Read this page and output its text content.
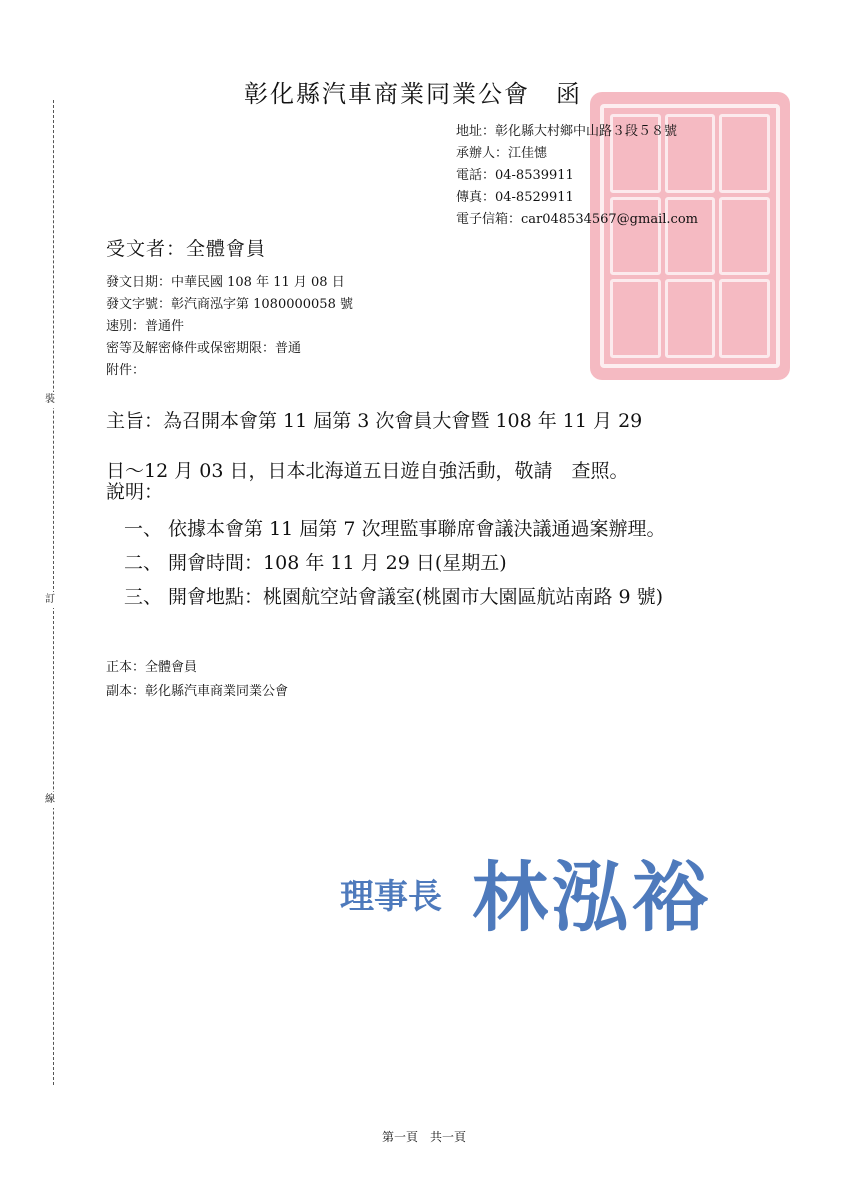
裝
訂
線
彰化縣汽車商業同業公會 函
地址：彰化縣大村鄉中山路３段５８號
承辦人：江佳憓
電話：04-8539911
傳真：04-8529911
電子信箱：car048534567@gmail.com
受文者：全體會員
發文日期：中華民國 108 年 11 月 08 日
發文字號：彰汽商泓字第 1080000058 號
速別：普通件
密等及解密條件或保密期限：普通
附件：
主旨：為召開本會第 11 屆第 3 次會員大會暨 108 年 11 月 29
日～12 月 03 日，日本北海道五日遊自強活動，敬請　查照。
說明：
一、 依據本會第 11 屆第 7 次理監事聯席會議決議通過案辦理。
二、 開會時間：108 年 11 月 29 日(星期五)
三、 開會地點：桃園航空站會議室(桃園市大園區航站南路 9 號)
正本：全體會員
副本：彰化縣汽車商業同業公會
理事長 林泓裕
第一頁　共一頁
